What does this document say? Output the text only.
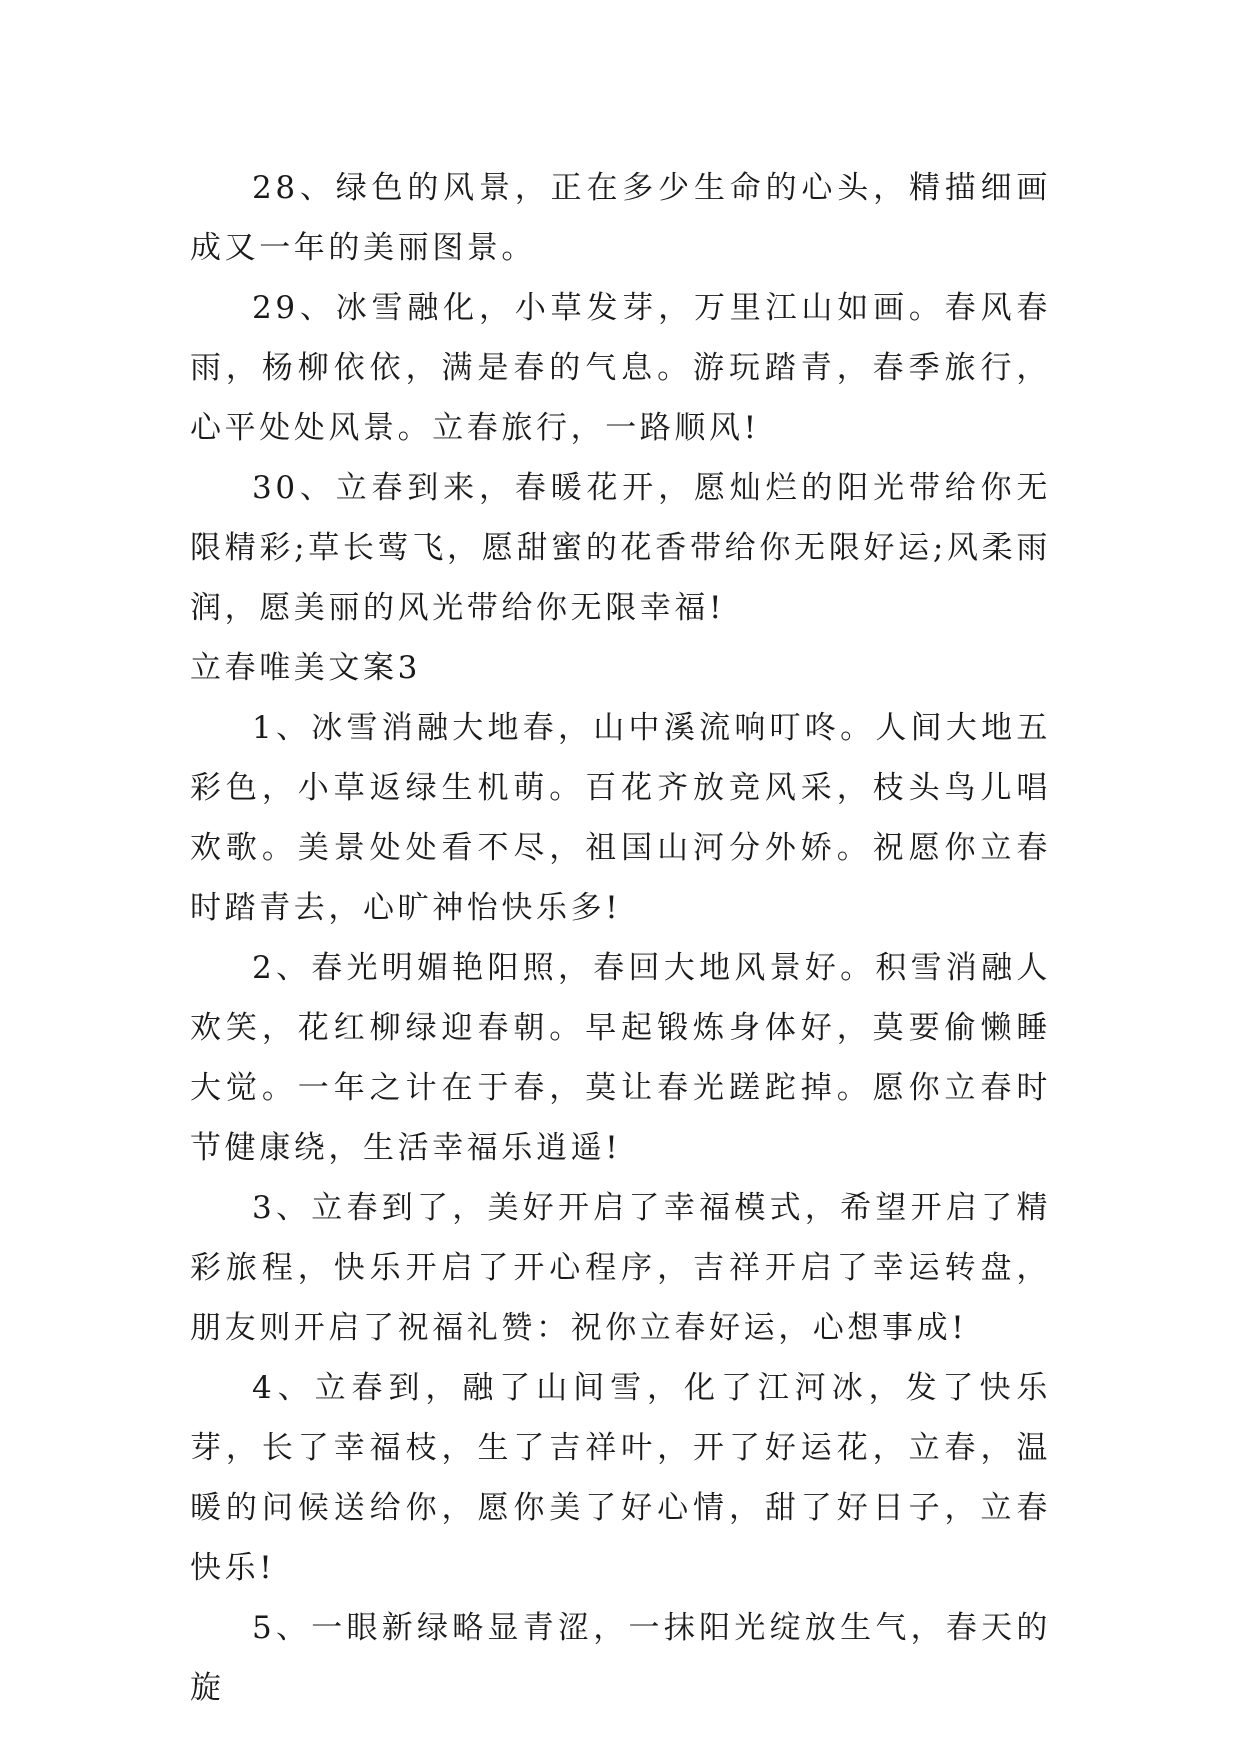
28、绿色的风景，正在多少生命的心头，精描细画成又一年的美丽图景。

29、冰雪融化，小草发芽，万里江山如画。春风春雨，杨柳依依，满是春的气息。游玩踏青，春季旅行，心平处处风景。立春旅行，一路顺风!

30、立春到来，春暖花开，愿灿烂的阳光带给你无限精彩;草长莺飞，愿甜蜜的花香带给你无限好运;风柔雨润，愿美丽的风光带给你无限幸福!

立春唯美文案3

1、冰雪消融大地春，山中溪流响叮咚。人间大地五彩色，小草返绿生机萌。百花齐放竞风采，枝头鸟儿唱欢歌。美景处处看不尽，祖国山河分外娇。祝愿你立春时踏青去，心旷神怡快乐多!

2、春光明媚艳阳照，春回大地风景好。积雪消融人欢笑，花红柳绿迎春朝。早起锻炼身体好，莫要偷懒睡大觉。一年之计在于春，莫让春光蹉跎掉。愿你立春时节健康绕，生活幸福乐逍遥!

3、立春到了，美好开启了幸福模式，希望开启了精彩旅程，快乐开启了开心程序，吉祥开启了幸运转盘，朋友则开启了祝福礼赞：祝你立春好运，心想事成!

4、立春到，融了山间雪，化了江河冰，发了快乐芽，长了幸福枝，生了吉祥叶，开了好运花，立春，温暖的问候送给你，愿你美了好心情，甜了好日子，立春快乐!

5、一眼新绿略显青涩，一抹阳光绽放生气，春天的旋
